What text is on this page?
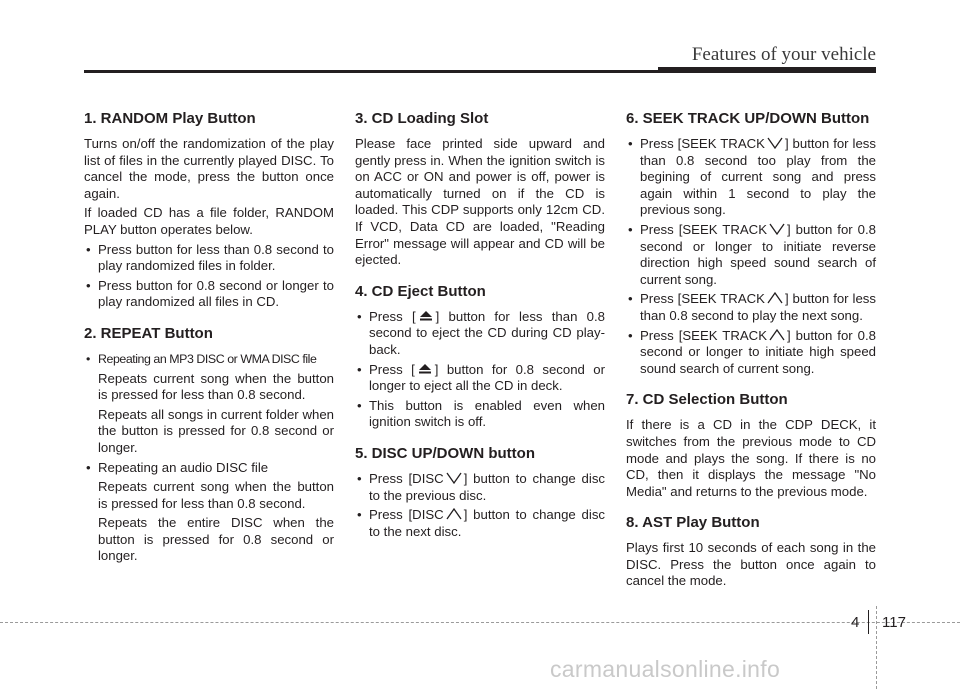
Features of your vehicle
1. RANDOM Play Button

Turns on/off the randomization of the play list of files in the currently played DISC. To cancel the mode, press the button once again.

If loaded CD has a file folder, RANDOM PLAY button operates below.

• Press button for less than 0.8 second to play randomized files in folder.
• Press button for 0.8 second or longer to play randomized all files in CD.
2. REPEAT Button
• Repeating an MP3 DISC or WMA DISC file

Repeats current song when the button is pressed for less than 0.8 second.

Repeats all songs in current folder when the button is pressed for 0.8 second or longer.

• Repeating an audio DISC file

Repeats current song when the button is pressed for less than 0.8 second.

Repeats the entire DISC when the button is pressed for 0.8 second or longer.

3. CD Loading Slot

Please face printed side upward and gently press in. When the ignition switch is on ACC or ON and power is off, power is automatically turned on if the CD is loaded. This CDP supports only 12cm CD. If VCD, Data CD are loaded, "Reading Error" message will appear and CD will be ejected.

4. CD Eject Button
• Press [ ] button for less than 0.8 second to eject the CD during CD play-back.
• Press [ ] button for 0.8 second or longer to eject all the CD in deck.
• This button is enabled even when ignition switch is off.
5. DISC UP/DOWN button
• Press [DISC ] button to change disc to the previous disc.
• Press [DISC ] button to change disc to the next disc.
6. SEEK TRACK UP/DOWN Button
• Press [SEEK TRACK ] button for less than 0.8 second too play from the begining of current song and press again within 1 second to play the previous song.
• Press [SEEK TRACK ] button for 0.8 second or longer to initiate reverse direction high speed sound search of current song.
• Press [SEEK TRACK ] button for less than 0.8 second to play the next song.
• Press [SEEK TRACK ] button for 0.8 second or longer to initiate high speed sound search of current song.
7. CD Selection Button

If there is a CD in the CDP DECK, it switches from the previous mode to CD mode and plays the song. If there is no CD, then it displays the message "No Media" and returns to the previous mode.

8. AST Play Button

Plays first 10 seconds of each song in the DISC. Press the button once again to cancel the mode.

4 117
carmanualsonline.info
